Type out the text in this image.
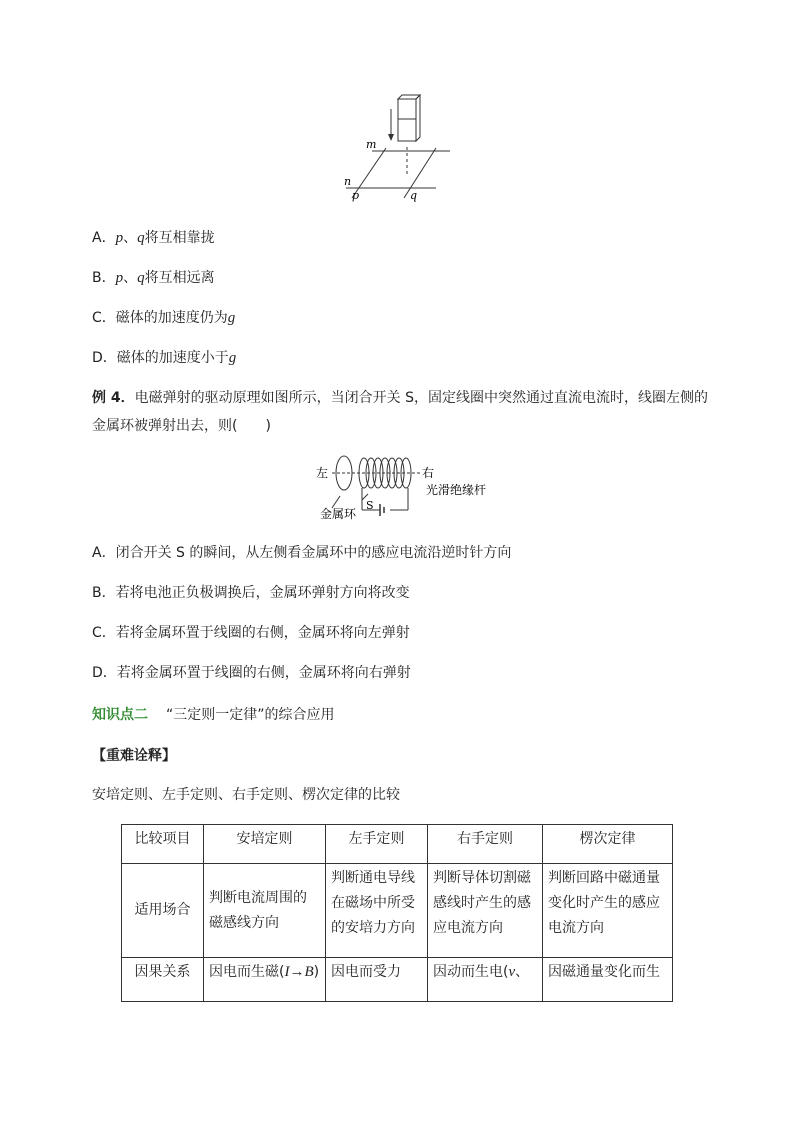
m
n
p	q
A．p、q将互相靠拢
B．p、q将互相远离
C．磁体的加速度仍为g
D．磁体的加速度小于g
例 4．电磁弹射的驱动原理如图所示，当闭合开关 S，固定线圈中突然通过直流电流时，线圈左侧的
金属环被弹射出去，则(　　)
左	右
光滑绝缘杆
金属环
S
A．闭合开关 S 的瞬间，从左侧看金属环中的感应电流沿逆时针方向
B．若将电池正负极调换后，金属环弹射方向将改变
C．若将金属环置于线圈的右侧，金属环将向左弹射
D．若将金属环置于线圈的右侧，金属环将向右弹射
知识点二 “三定则一定律”的综合应用
【重难诠释】
安培定则、左手定则、右手定则、楞次定律的比较
比较项目	安培定则	左手定则	右手定则	楞次定律
适用场合	判断电流周围的磁感线方向	判断通电导线在磁场中所受的安培力方向	判断导体切割磁感线时产生的感应电流方向	判断回路中磁通量变化时产生的感应电流方向
因果关系	因电而生磁(I→B)	因电而受力	因动而生电(v、	因磁通量变化而生
